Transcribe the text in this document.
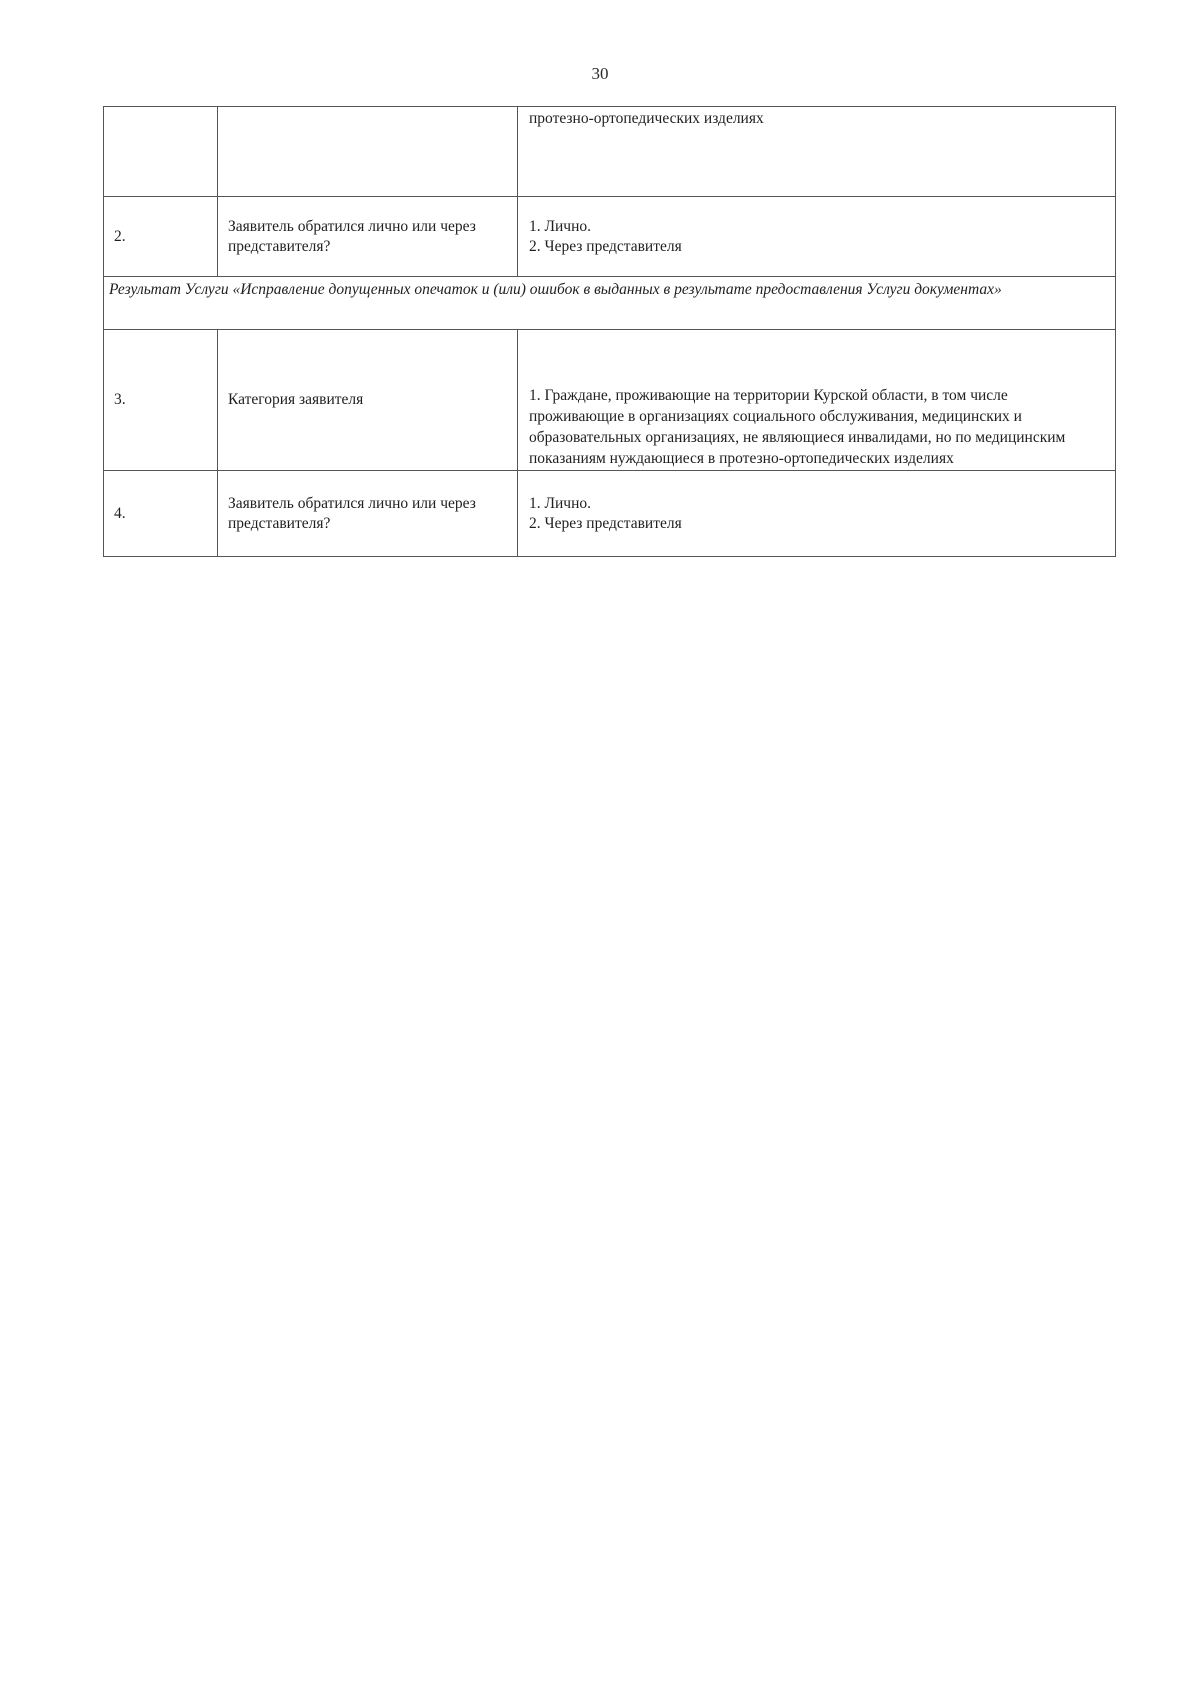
30
		протезно-ортопедических изделиях
2.	Заявитель обратился лично или через представителя?	1. Лично.
2. Через представителя

Результат Услуги «Исправление допущенных опечаток и (или) ошибок в выданных в результате предоставления Услуги документах»		
3.	Категория заявителя	1. Граждане, проживающие на территории Курской области, в том числе проживающие в организациях социального обслуживания, медицинских и образовательных организациях, не являющиеся инвалидами, но по медицинским показаниям нуждающиеся в протезно-ортопедических изделиях
4.	Заявитель обратился лично или через представителя?	1. Лично.
2. Через представителя
